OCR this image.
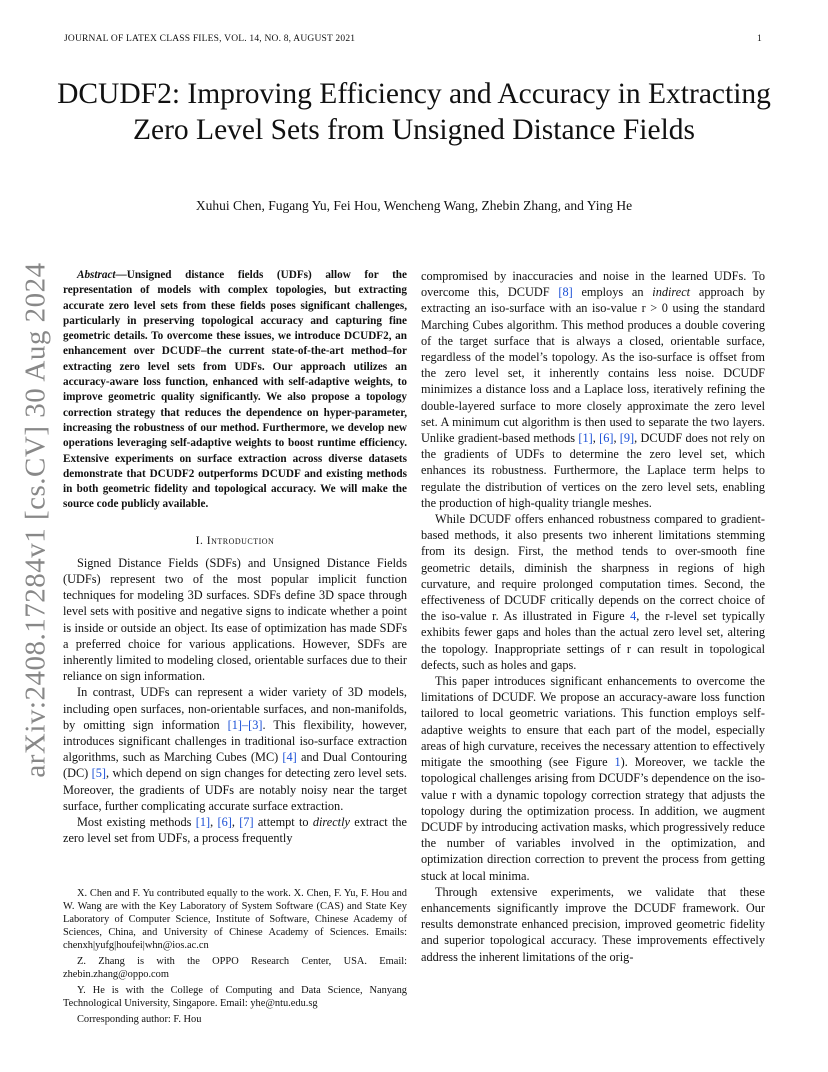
JOURNAL OF LATEX CLASS FILES, VOL. 14, NO. 8, AUGUST 2021	1
DCUDF2: Improving Efficiency and Accuracy in Extracting Zero Level Sets from Unsigned Distance Fields
Xuhui Chen, Fugang Yu, Fei Hou, Wencheng Wang, Zhebin Zhang, and Ying He
arXiv:2408.17284v1 [cs.CV] 30 Aug 2024	Abstract—Unsigned distance fields (UDFs) allow for the representation of models with complex topologies, but extracting accurate zero level sets from these fields poses significant challenges, particularly in preserving topological accuracy and capturing fine geometric details. To overcome these issues, we introduce DCUDF2, an enhancement over DCUDF–the current state-of-the-art method–for extracting zero level sets from UDFs. Our approach utilizes an accuracy-aware loss function, enhanced with self-adaptive weights, to improve geometric quality significantly. We also propose a topology correction strategy that reduces the dependence on hyper-parameter, increasing the robustness of our method. Furthermore, we develop new operations leveraging self-adaptive weights to boost runtime efficiency. Extensive experiments on surface extraction across diverse datasets demonstrate that DCUDF2 outperforms DCUDF and existing methods in both geometric fidelity and topological accuracy. We will make the source code publicly available.

I. Introduction

Signed Distance Fields (SDFs) and Unsigned Distance Fields (UDFs) represent two of the most popular implicit function techniques for modeling 3D surfaces. SDFs define 3D space through level sets with positive and negative signs to indicate whether a point is inside or outside an object. Its ease of optimization has made SDFs a preferred choice for various applications. However, SDFs are inherently limited to modeling closed, orientable surfaces due to their reliance on sign information.

In contrast, UDFs can represent a wider variety of 3D models, including open surfaces, non-orientable surfaces, and non-manifolds, by omitting sign information [1]–[3]. This flexibility, however, introduces significant challenges in traditional iso-surface extraction algorithms, such as Marching Cubes (MC) [4] and Dual Contouring (DC) [5], which depend on sign changes for detecting zero level sets. Moreover, the gradients of UDFs are notably noisy near the target surface, further complicating accurate surface extraction.

Most existing methods [1], [6], [7] attempt to directly extract the zero level set from UDFs, a process frequently

X. Chen and F. Yu contributed equally to the work. X. Chen, F. Yu, F. Hou and W. Wang are with the Key Laboratory of System Software (CAS) and State Key Laboratory of Computer Science, Institute of Software, Chinese Academy of Sciences, China, and University of Chinese Academy of Sciences. Emails: chenxh|yufg|houfei|whn@ios.ac.cn

Z. Zhang is with the OPPO Research Center, USA. Email: zhebin.zhang@oppo.com

Y. He is with the College of Computing and Data Science, Nanyang Technological University, Singapore. Email: yhe@ntu.edu.sg

Corresponding author: F. Hou

compromised by inaccuracies and noise in the learned UDFs. To overcome this, DCUDF [8] employs an indirect approach by extracting an iso-surface with an iso-value r > 0 using the standard Marching Cubes algorithm. This method produces a double covering of the target surface that is always a closed, orientable surface, regardless of the model’s topology. As the iso-surface is offset from the zero level set, it inherently contains less noise. DCUDF minimizes a distance loss and a Laplace loss, iteratively refining the double-layered surface to more closely approximate the zero level set. A minimum cut algorithm is then used to separate the two layers. Unlike gradient-based methods [1], [6], [9], DCUDF does not rely on the gradients of UDFs to determine the zero level set, which enhances its robustness. Furthermore, the Laplace term helps to regulate the distribution of vertices on the zero level sets, enabling the production of high-quality triangle meshes.

While DCUDF offers enhanced robustness compared to gradient-based methods, it also presents two inherent limitations stemming from its design. First, the method tends to over-smooth fine geometric details, diminish the sharpness in regions of high curvature, and require prolonged computation times. Second, the effectiveness of DCUDF critically depends on the correct choice of the iso-value r. As illustrated in Figure 4, the r-level set typically exhibits fewer gaps and holes than the actual zero level set, altering the topology. Inappropriate settings of r can result in topological defects, such as holes and gaps.

This paper introduces significant enhancements to overcome the limitations of DCUDF. We propose an accuracy-aware loss function tailored to local geometric variations. This function employs self-adaptive weights to ensure that each part of the model, especially areas of high curvature, receives the necessary attention to effectively mitigate the smoothing (see Figure 1). Moreover, we tackle the topological challenges arising from DCUDF’s dependence on the iso-value r with a dynamic topology correction strategy that adjusts the topology during the optimization process. In addition, we augment DCUDF by introducing activation masks, which progressively reduce the number of variables involved in the optimization, and optimization direction correction to prevent the process from getting stuck at local minima.

Through extensive experiments, we validate that these enhancements significantly improve the DCUDF framework. Our results demonstrate enhanced precision, improved geometric fidelity and superior topological accuracy. These improvements effectively address the inherent limitations of the orig-
